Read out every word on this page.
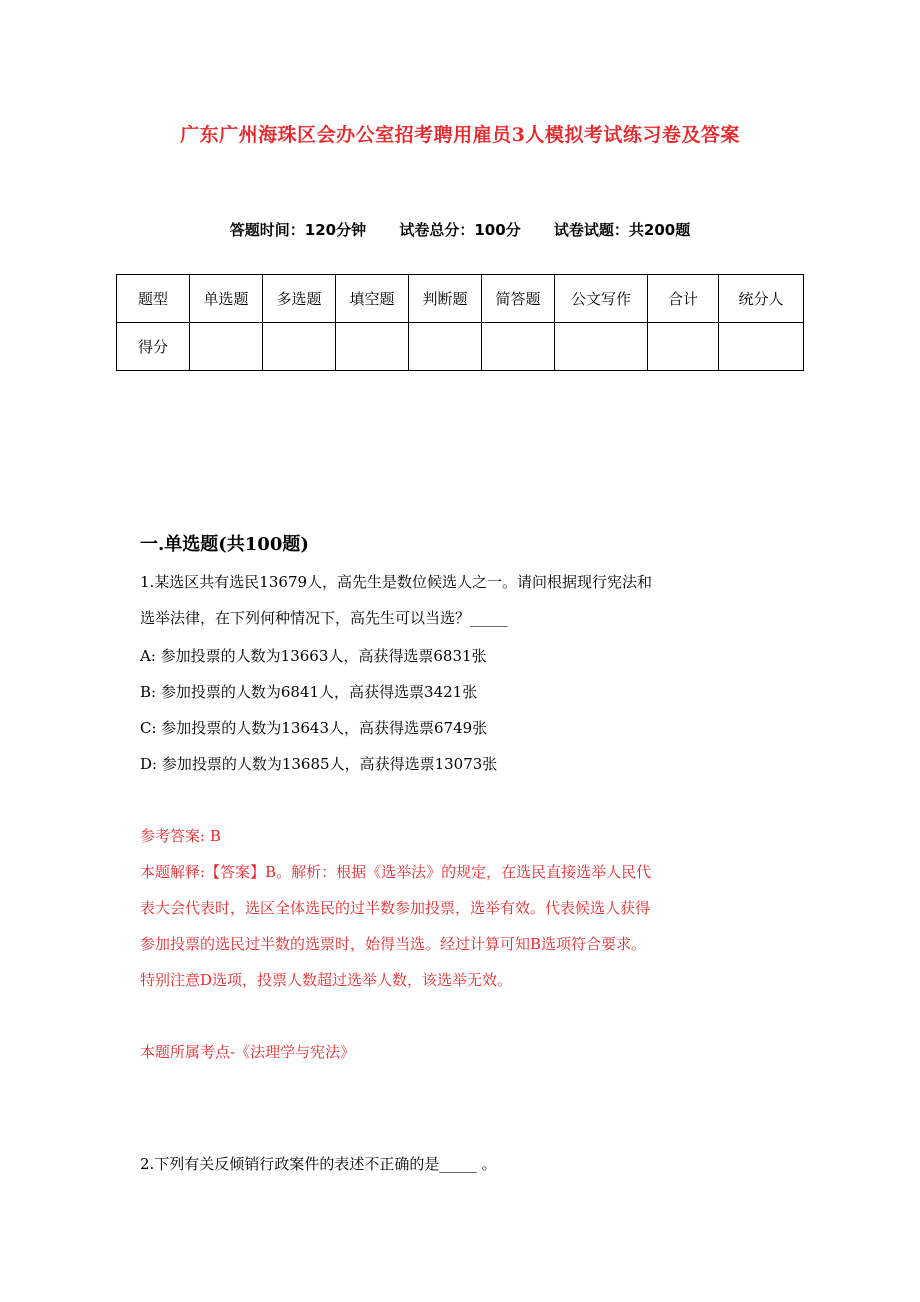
广东广州海珠区会办公室招考聘用雇员3人模拟考试练习卷及答案
答题时间：120分钟 试卷总分：100分 试卷试题：共200题
题型	单选题	多选题	填空题	判断题	简答题	公文写作	合计	统分人
得分								
一.单选题(共100题)
1.某选区共有选民13679人，高先生是数位候选人之一。请问根据现行宪法和
选举法律，在下列何种情况下，高先生可以当选？_____
A: 参加投票的人数为13663人，高获得选票6831张
B: 参加投票的人数为6841人，高获得选票3421张
C: 参加投票的人数为13643人，高获得选票6749张
D: 参加投票的人数为13685人，高获得选票13073张
参考答案: B
本题解释:【答案】B。解析：根据《选举法》的规定，在选民直接选举人民代
表大会代表时，选区全体选民的过半数参加投票，选举有效。代表候选人获得
参加投票的选民过半数的选票时，始得当选。经过计算可知B选项符合要求。
特别注意D选项，投票人数超过选举人数，该选举无效。
本题所属考点-《法理学与宪法》
2.下列有关反倾销行政案件的表述不正确的是_____ 。
